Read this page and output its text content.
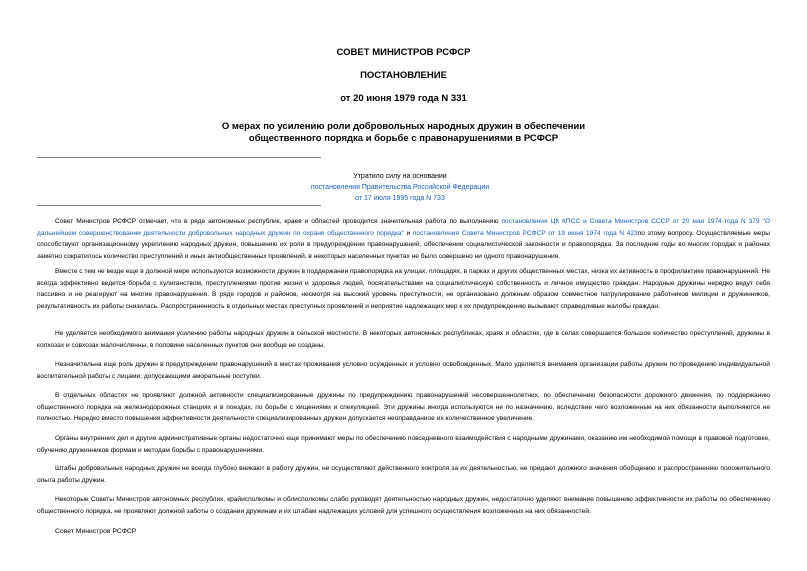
СОВЕТ МИНИСТРОВ РСФСР
ПОСТАНОВЛЕНИЕ
от 20 июня 1979 года N 331
О мерах по усилению роли добровольных народных дружин в обеспечении
общественного порядка и борьбе с правонарушениями в РСФСР
Утратило силу на основании
постановления Правительства Российской Федерации
от 17 июля 1995 года N 733

Совет Министров РСФСР отмечает, что в ряде автономных республик, краев и областей проводится значительная работа по выполнению постановления ЦК КПСС и Совета Министров СССР от 20 мая 1974 года N 379 "О дальнейшем совершенствовании деятельности добровольных народных дружин по охране общественного порядка" и постановления Совета Министров РСФСР от 19 июня 1974 года N 423по этому вопросу. Осуществляемые меры способствуют организационному укреплению народных дружин, повышению их роли в предупреждении правонарушений, обеспечении социалистической законности и правопорядка. За последние годы во многих городах и районах заметно сократилось количество преступлений и иных антиобщественных проявлений, в некоторых населенных пунктах не было совершено ни одного правонарушения.

Вместе с тем не везде еще в должной мере используются возможности дружин в поддержании правопорядка на улицах, площадях, в парках и других общественных местах, низка их активность в профилактике правонарушений. Не всегда эффективно ведется борьба с хулиганством, преступлениями против жизни и здоровья людей, посягательствами на социалистическую собственность и личное имущество граждан. Народные дружины нередко ведут себя пассивно и не реагируют на многие правонарушения. В ряде городов и районов, несмотря на высокий уровень преступности, не организовано должным образом совместное патрулирование работников милиции и дружинников, результативность их работы снизилась. Распространенность в отдельных местах преступных проявлений и неприятие надлежащих мер к их предупреждению вызывают справедливые жалобы граждан.

Не уделяется необходимого внимания усилению работы народных дружин в сельской местности. В некоторых автономных республиках, краях и областях, где в селах совершается большое количество преступлений, дружины в колхозах и совхозах малочисленны, в половине населенных пунктов они вообще не созданы.

Незначительна еще роль дружин в предупреждении правонарушений в местах проживания условно осужденных и условно освобожденных. Мало уделяется внимания организации работы дружин по проведению индивидуальной воспитательной работы с лицами, допускающими аморальные поступки.

В отдельных областях не проявляют должной активности специализированные дружины по предупреждению правонарушений несовершеннолетних, по обеспечению безопасности дорожного движения, по поддержанию общественного порядка на железнодорожных станциях и в поездах, по борьбе с хищениями и спекуляцией. Эти дружины иногда используются не по назначению, вследствие чего возложенные на них обязанности выполняются не полностью. Нередко вместо повышения эффективности деятельности специализированных дружин допускается неоправданное их количественное увеличение.

Органы внутренних дел и другие административные органы недостаточно еще принимают меры по обеспечению повседневного взаимодействия с народными дружинами, оказанию им необходимой помощи в правовой подготовке, обучению дружинников формам и методам борьбы с правонарушениями.

Штабы добровольных народных дружин не всегда глубоко вникают в работу дружин, не осуществляют действенного контроля за их деятельностью, не придают должного значения обобщению и распространению положительного опыта работы дружин.

Некоторые Советы Министров автономных республик, крайисполкомы и облисполкомы слабо руководят деятельностью народных дружин, недостаточно уделяют внимание повышению эффективности их работы по обеспечению общественного порядка, не проявляют должной заботы о создании дружинам и их штабам надлежащих условий для успешного осуществления возложенных на них обязанностей.

Совет Министров РСФСР
